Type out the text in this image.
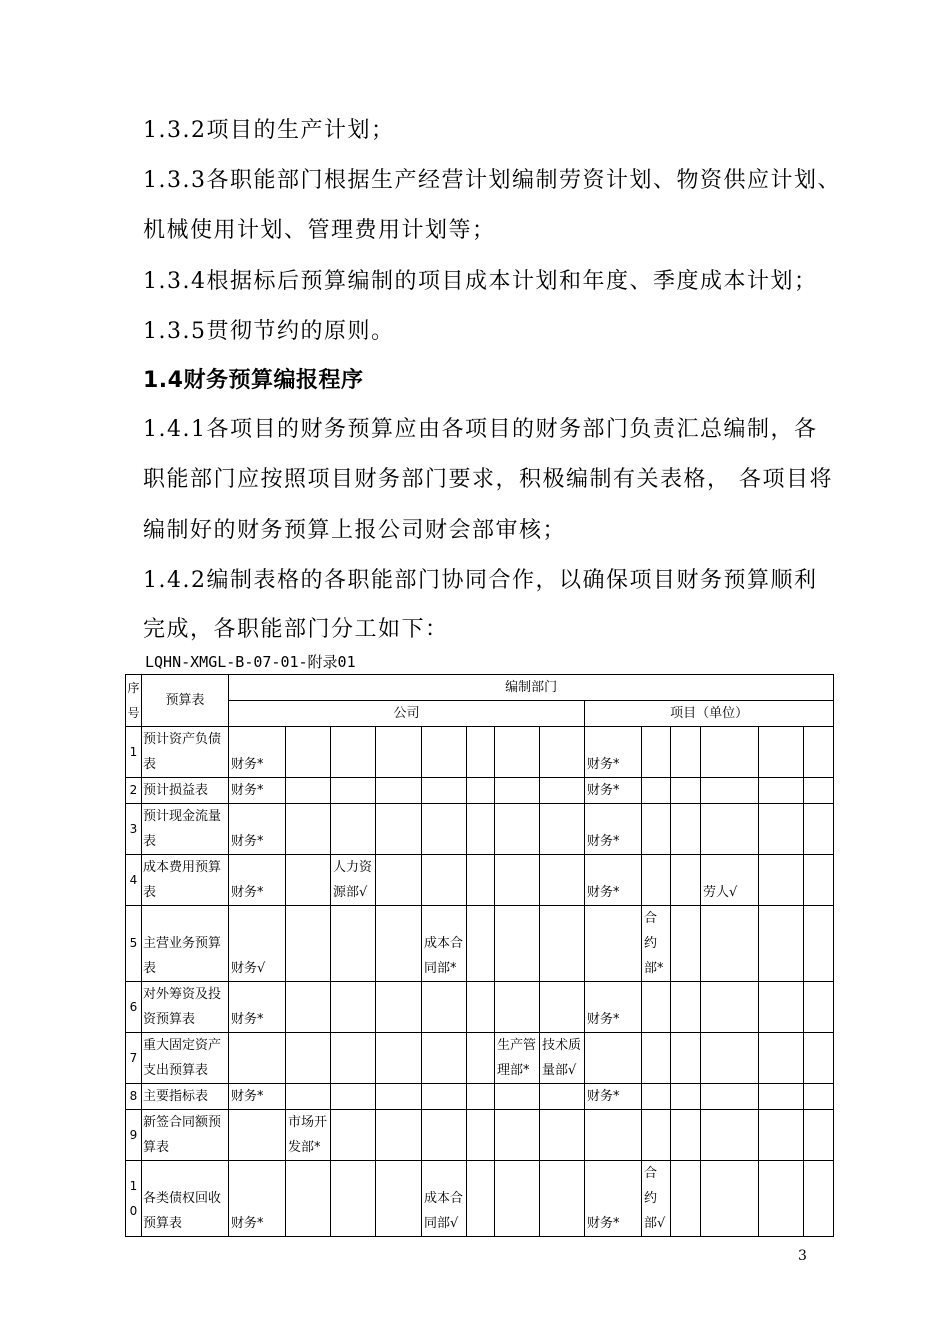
1.3.2项目的生产计划；
1.3.3各职能部门根据生产经营计划编制劳资计划、物资供应计划、
机械使用计划、管理费用计划等；
1.3.4根据标后预算编制的项目成本计划和年度、季度成本计划；
1.3.5贯彻节约的原则。
1.4财务预算编报程序
1.4.1各项目的财务预算应由各项目的财务部门负责汇总编制，各
职能部门应按照项目财务部门要求，积极编制有关表格， 各项目将
编制好的财务预算上报公司财会部审核；
1.4.2编制表格的各职能部门协同合作，以确保项目财务预算顺利
完成，各职能部门分工如下：
LQHN-XMGL-B-07-01-附录01
序号	预算表	编制部门													
		公司								项目（单位）					
1	预计资产负债表	财务*								财务*					
2	预计损益表	财务*								财务*					
3	预计现金流量表	财务*								财务*					
4	成本费用预算表	财务*		人力资源部√						财务*			劳人√		
5	主营业务预算表	财务√				成本合同部*					合约部*				
6	对外筹资及投资预算表	财务*								财务*					
7	重大固定资产支出预算表							生产管理部*	技术质量部√						
8	主要指标表	财务*								财务*					
9	新签合同额预算表		市场开发部*												
10	各类债权回收预算表	财务*				成本合同部√				财务*	合约部√				
3
